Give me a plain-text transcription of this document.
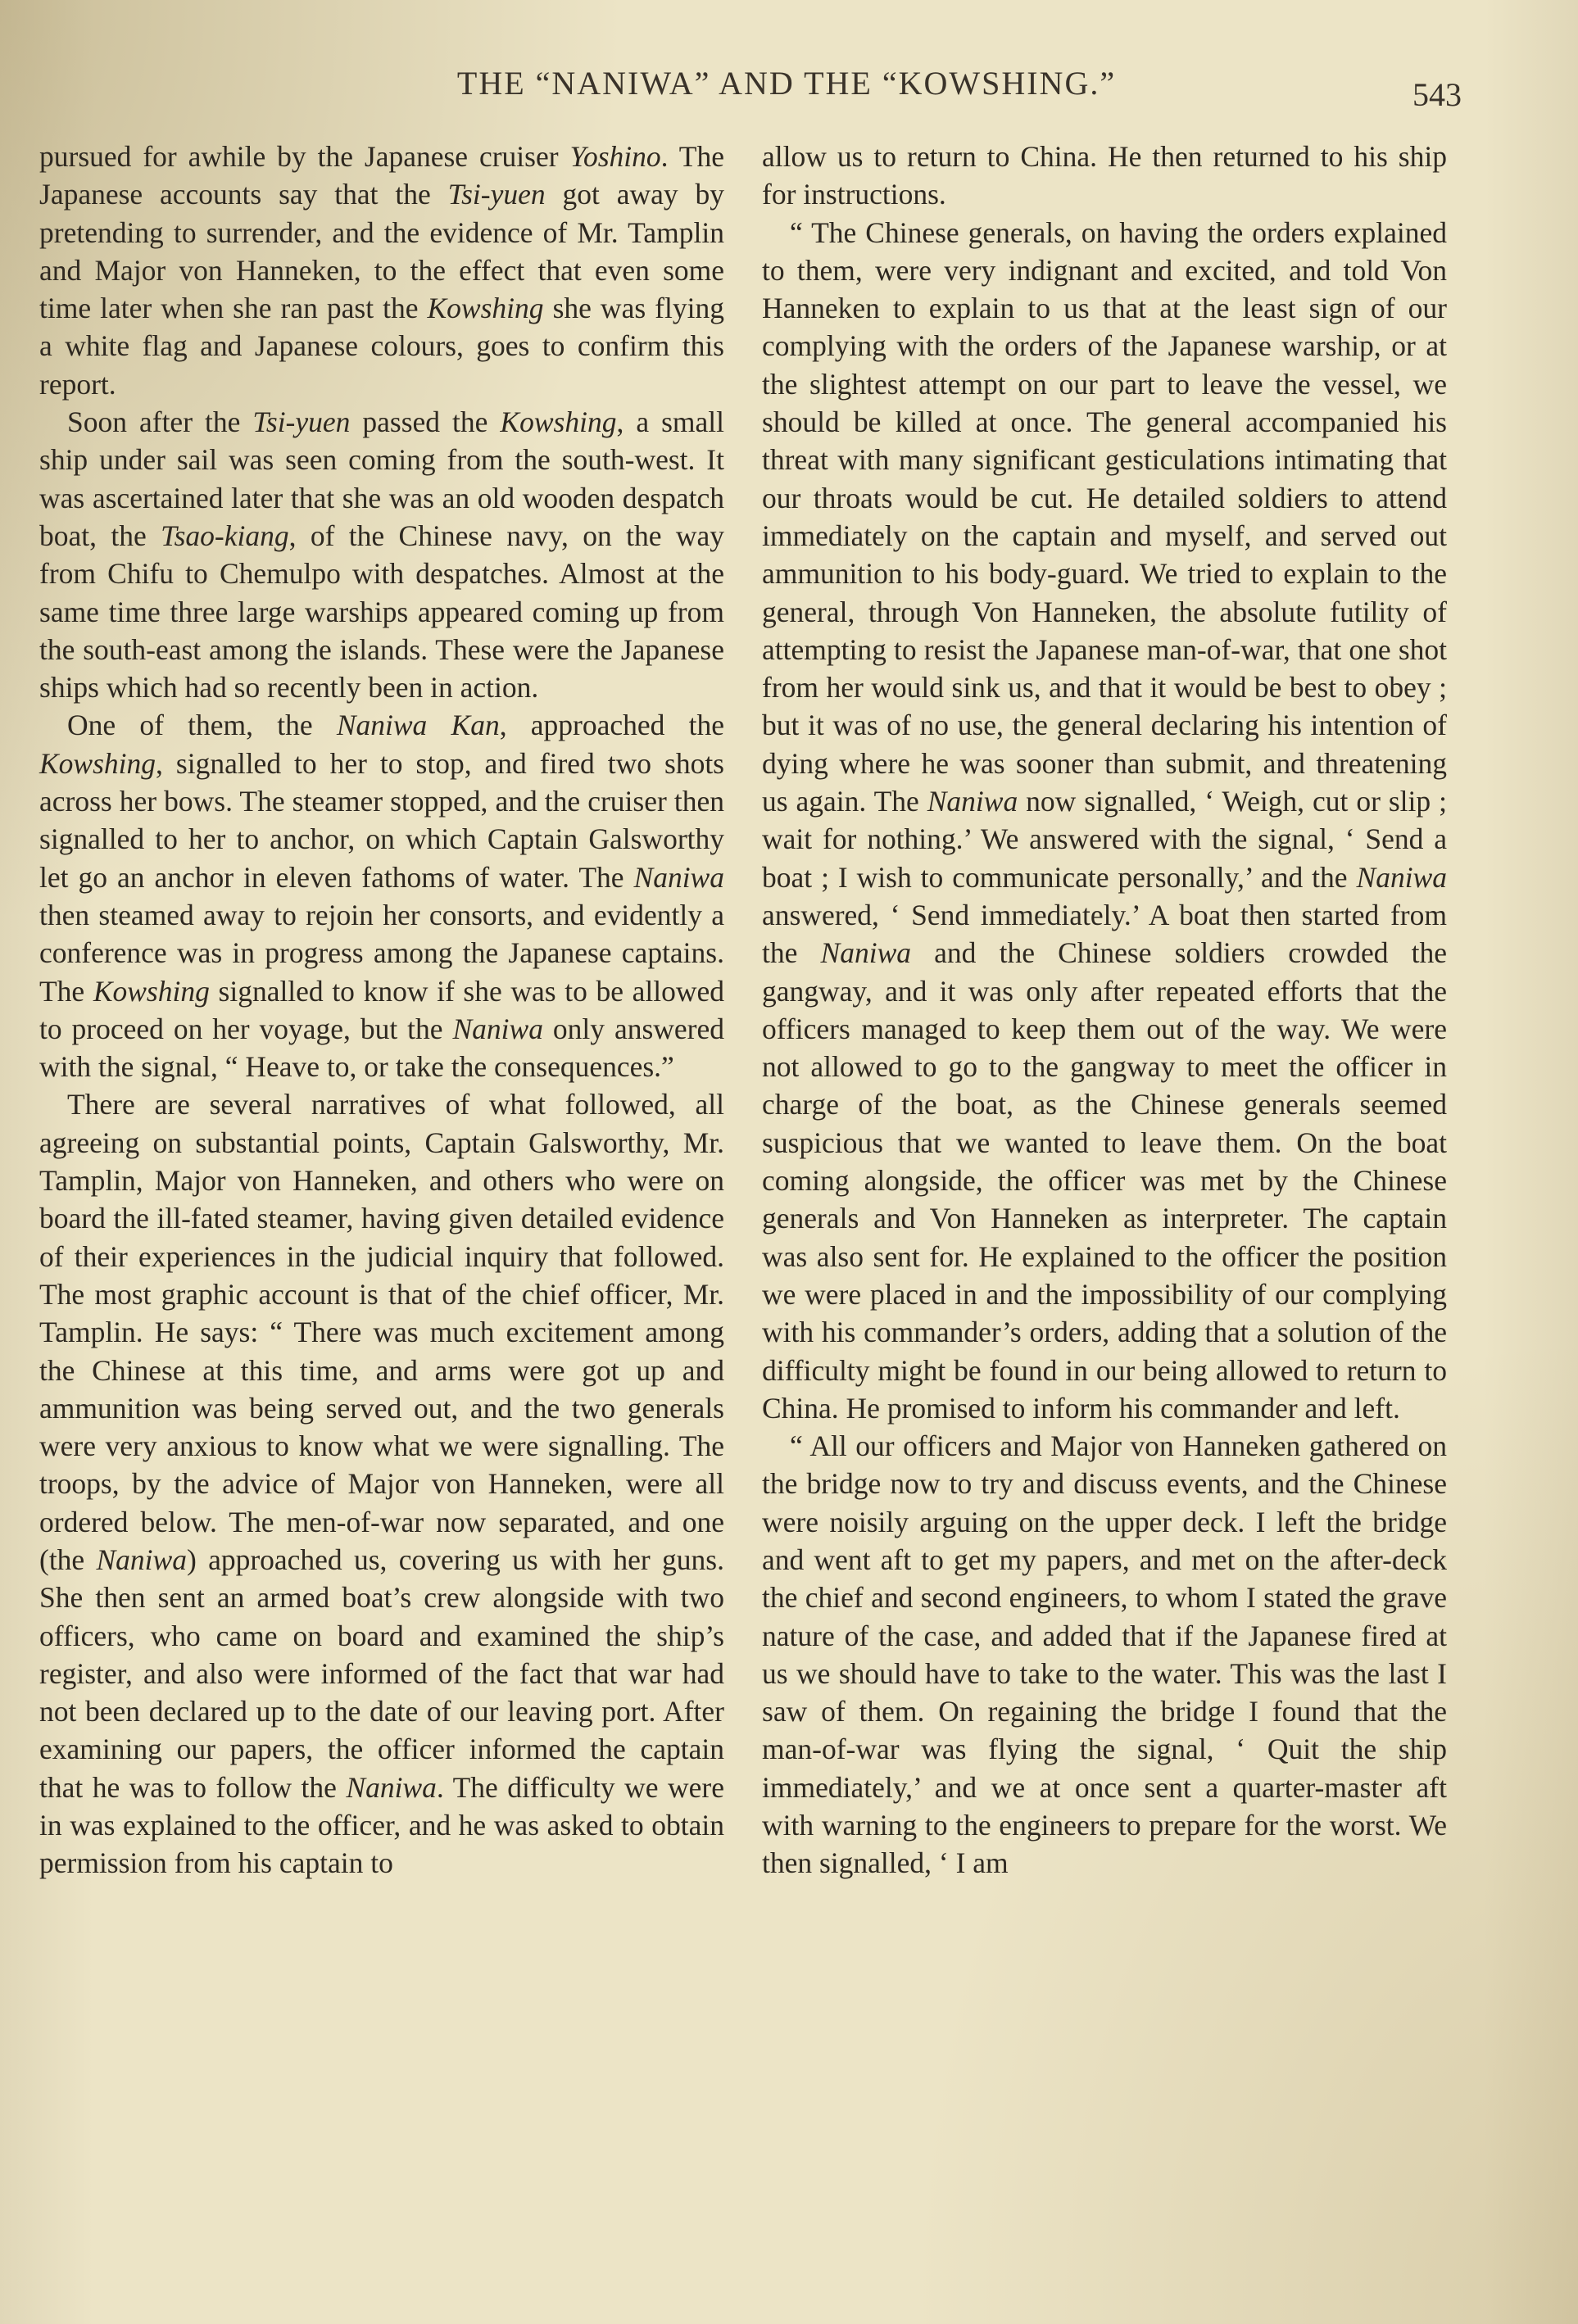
THE “NANIWA” AND THE “KOWSHING.”	543

pursued for awhile by the Japanese cruiser Yoshino. The Japanese accounts say that the Tsi-yuen got away by pretending to surrender, and the evidence of Mr. Tamplin and Major von Hanneken, to the effect that even some time later when she ran past the Kowshing she was flying a white flag and Japanese colours, goes to confirm this report.

Soon after the Tsi-yuen passed the Kowshing, a small ship under sail was seen coming from the south-west. It was ascertained later that she was an old wooden despatch boat, the Tsao-kiang, of the Chinese navy, on the way from Chifu to Chemulpo with despatches. Almost at the same time three large warships appeared coming up from the south-east among the islands. These were the Japanese ships which had so recently been in action.

One of them, the Naniwa Kan, approached the Kowshing, signalled to her to stop, and fired two shots across her bows. The steamer stopped, and the cruiser then signalled to her to anchor, on which Captain Galsworthy let go an anchor in eleven fathoms of water. The Naniwa then steamed away to rejoin her consorts, and evidently a conference was in progress among the Japanese captains. The Kowshing signalled to know if she was to be allowed to proceed on her voyage, but the Naniwa only answered with the signal, “ Heave to, or take the consequences.”

There are several narratives of what followed, all agreeing on substantial points, Captain Galsworthy, Mr. Tamplin, Major von Hanneken, and others who were on board the ill-fated steamer, having given detailed evidence of their experiences in the judicial inquiry that followed. The most graphic account is that of the chief officer, Mr. Tamplin. He says: “ There was much excitement among the Chinese at this time, and arms were got up and ammunition was being served out, and the two generals were very anxious to know what we were signalling. The troops, by the advice of Major von Hanneken, were all ordered below. The men-of-war now separated, and one (the Naniwa) approached us, covering us with her guns. She then sent an armed boat’s crew alongside with two officers, who came on board and examined the ship’s register, and also were informed of the fact that war had not been declared up to the date of our leaving port. After examining our papers, the officer informed the captain that he was to follow the Naniwa. The difficulty we were in was explained to the officer, and he was asked to obtain permission from his captain to

allow us to return to China. He then returned to his ship for instructions.

“ The Chinese generals, on having the orders explained to them, were very indignant and excited, and told Von Hanneken to explain to us that at the least sign of our complying with the orders of the Japanese warship, or at the slightest attempt on our part to leave the vessel, we should be killed at once. The general accompanied his threat with many significant gesticulations intimating that our throats would be cut. He detailed soldiers to attend immediately on the captain and myself, and served out ammunition to his body-guard. We tried to explain to the general, through Von Hanneken, the absolute futility of attempting to resist the Japanese man-of-war, that one shot from her would sink us, and that it would be best to obey ; but it was of no use, the general declaring his intention of dying where he was sooner than submit, and threatening us again. The Naniwa now signalled, ‘ Weigh, cut or slip ; wait for nothing.’ We answered with the signal, ‘ Send a boat ; I wish to communicate personally,’ and the Naniwa answered, ‘ Send immediately.’ A boat then started from the Naniwa and the Chinese soldiers crowded the gangway, and it was only after repeated efforts that the officers managed to keep them out of the way. We were not allowed to go to the gangway to meet the officer in charge of the boat, as the Chinese generals seemed suspicious that we wanted to leave them. On the boat coming alongside, the officer was met by the Chinese generals and Von Hanneken as interpreter. The captain was also sent for. He explained to the officer the position we were placed in and the impossibility of our complying with his commander’s orders, adding that a solution of the difficulty might be found in our being allowed to return to China. He promised to inform his commander and left.

“ All our officers and Major von Hanneken gathered on the bridge now to try and discuss events, and the Chinese were noisily arguing on the upper deck. I left the bridge and went aft to get my papers, and met on the after-deck the chief and second engineers, to whom I stated the grave nature of the case, and added that if the Japanese fired at us we should have to take to the water. This was the last I saw of them. On regaining the bridge I found that the man-of-war was flying the signal, ‘ Quit the ship immediately,’ and we at once sent a quarter-master aft with warning to the engineers to prepare for the worst. We then signalled, ‘ I am
